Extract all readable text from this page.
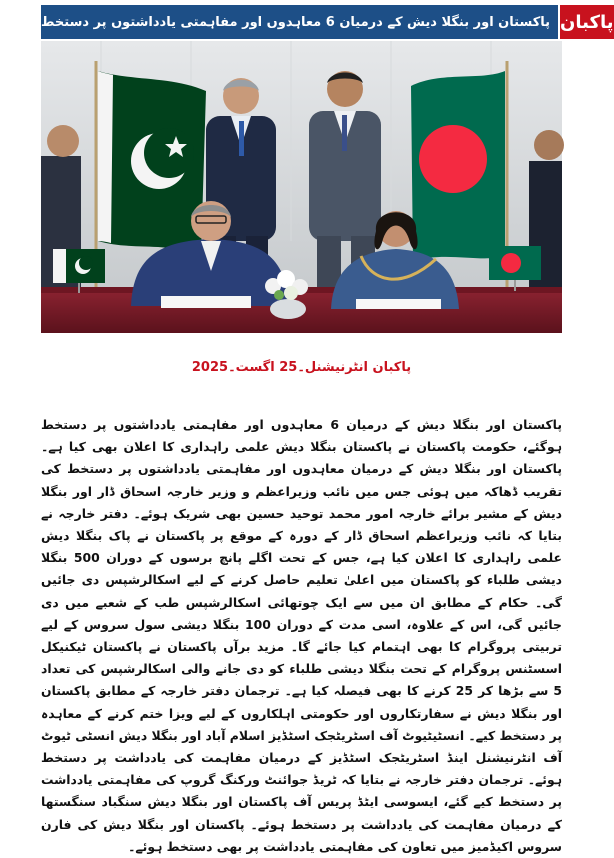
پاکستان اور بنگلا دیش کے درمیان 6 معاہدوں اور مفاہمتی یادداشتوں پر دستخط پاکبان
پاکبان انٹرنیشنل۔25 اگست۔2025
پاکستان اور بنگلا دیش کے درمیان 6 معاہدوں اور مفاہمتی یادداشتوں پر دستخط ہوگئے، حکومت پاکستان نے پاکستان بنگلا دیش علمی راہداری کا اعلان بھی کیا ہے۔ پاکستان اور بنگلا دیش کے درمیان معاہدوں اور مفاہمتی یادداشتوں پر دستخط کی تقریب ڈھاکہ میں ہوئی جس میں نائب وزیراعظم و وزیر خارجہ اسحاق ڈار اور بنگلا دیش کے مشیر برائے خارجہ امور محمد توحید حسین بھی شریک ہوئے۔ دفتر خارجہ نے بتایا کہ نائب وزیراعظم اسحاق ڈار کے دورہ کے موقع پر پاکستان نے پاک بنگلا دیش علمی راہداری کا اعلان کیا ہے، جس کے تحت اگلے پانچ برسوں کے دوران 500 بنگلا دیشی طلباء کو پاکستان میں اعلیٰ تعلیم حاصل کرنے کے لیے اسکالرشپس دی جائیں گی۔ حکام کے مطابق ان میں سے ایک چوتھائی اسکالرشپس طب کے شعبے میں دی جائیں گی، اس کے علاوہ، اسی مدت کے دوران 100 بنگلا دیشی سول سروس کے لیے تربیتی پروگرام کا بھی اہتمام کیا جائے گا۔ مزید برآں پاکستان نے پاکستان ٹیکنیکل اسسٹنس پروگرام کے تحت بنگلا دیشی طلباء کو دی جانے والی اسکالرشپس کی تعداد 5 سے بڑھا کر 25 کرنے کا بھی فیصلہ کیا ہے۔ ترجمان دفتر خارجہ کے مطابق پاکستان اور بنگلا دیش نے سفارتکاروں اور حکومتی اہلکاروں کے لیے ویزا ختم کرنے کے معاہدہ پر دستخط کیے۔ انسٹیٹیوٹ آف اسٹریٹجک اسٹڈیز اسلام آباد اور بنگلا دیش انسٹی ٹیوٹ آف انٹرنیشنل اینڈ اسٹریٹجک اسٹڈیز کے درمیان مفاہمت کی یادداشت پر دستخط ہوئے۔ ترجمان دفتر خارجہ نے بتایا کہ ٹریڈ جوائنٹ ورکنگ گروپ کی مفاہمتی یادداشت پر دستخط کیے گئے، ایسوسی ایٹڈ پریس آف پاکستان اور بنگلا دیش سنگباد سنگستھا کے درمیان مفاہمت کی یادداشت پر دستخط ہوئے۔ پاکستان اور بنگلا دیش کی فارن سروس اکیڈمیز میں تعاون کی مفاہمتی یادداشت پر بھی دستخط ہوئے۔
